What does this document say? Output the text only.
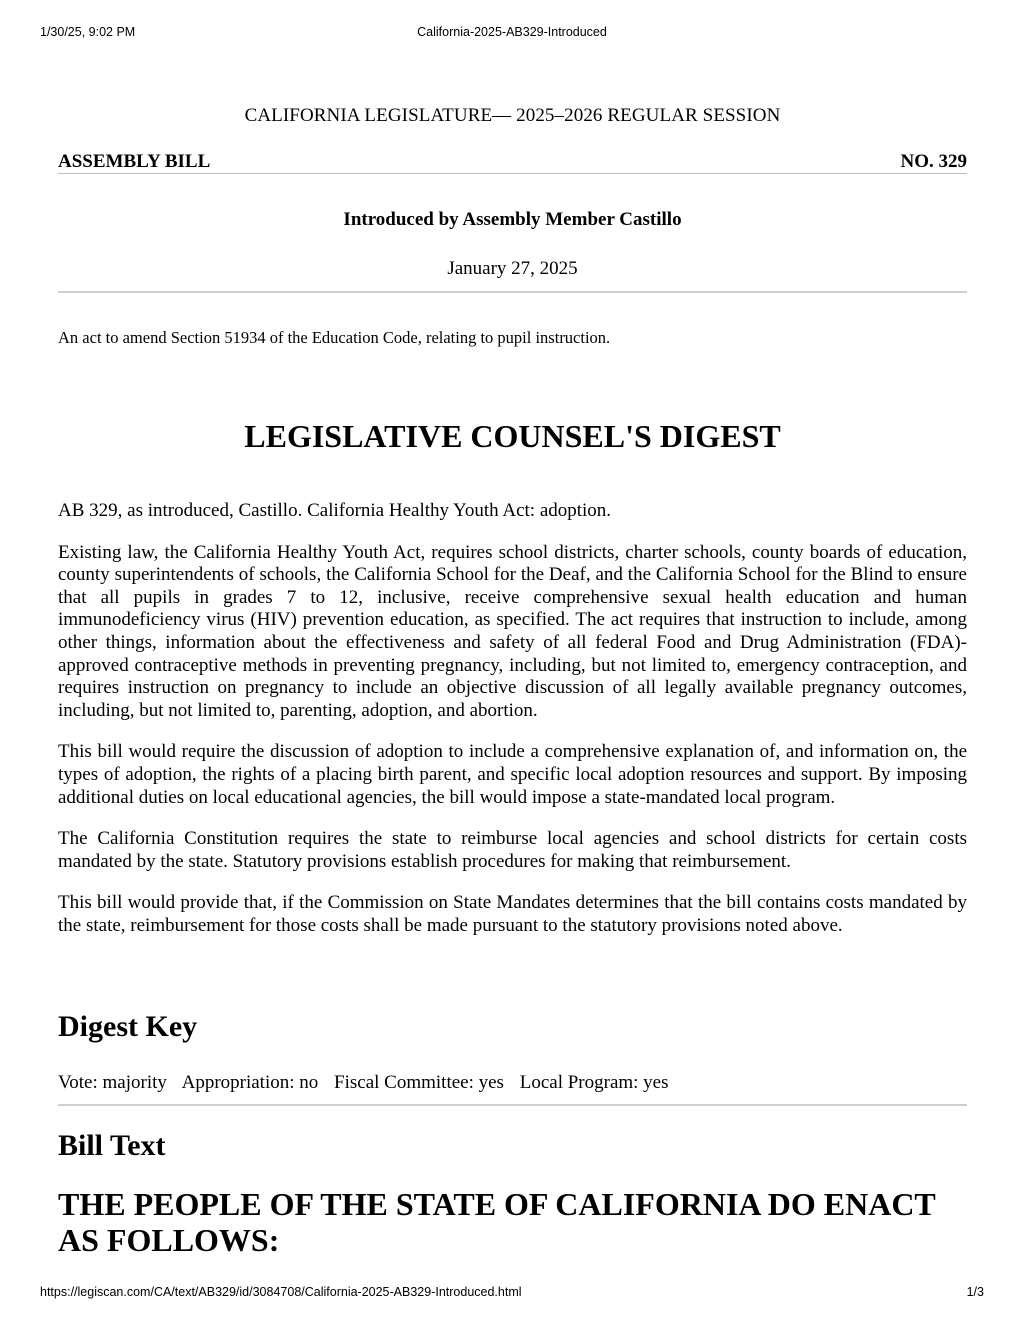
1/30/25, 9:02 PM	California-2025-AB329-Introduced
CALIFORNIA LEGISLATURE— 2025–2026 REGULAR SESSION
ASSEMBLY BILL	NO. 329
Introduced by Assembly Member Castillo
January 27, 2025
An act to amend Section 51934 of the Education Code, relating to pupil instruction.
LEGISLATIVE COUNSEL'S DIGEST

AB 329, as introduced, Castillo. California Healthy Youth Act: adoption.

Existing law, the California Healthy Youth Act, requires school districts, charter schools, county boards of education, county superintendents of schools, the California School for the Deaf, and the California School for the Blind to ensure that all pupils in grades 7 to 12, inclusive, receive comprehensive sexual health education and human immunodeficiency virus (HIV) prevention education, as specified. The act requires that instruction to include, among other things, information about the effectiveness and safety of all federal Food and Drug Administration (FDA)-approved contraceptive methods in preventing pregnancy, including, but not limited to, emergency contraception, and requires instruction on pregnancy to include an objective discussion of all legally available pregnancy outcomes, including, but not limited to, parenting, adoption, and abortion.

This bill would require the discussion of adoption to include a comprehensive explanation of, and information on, the types of adoption, the rights of a placing birth parent, and specific local adoption resources and support. By imposing additional duties on local educational agencies, the bill would impose a state-mandated local program.

The California Constitution requires the state to reimburse local agencies and school districts for certain costs mandated by the state. Statutory provisions establish procedures for making that reimbursement.

This bill would provide that, if the Commission on State Mandates determines that the bill contains costs mandated by the state, reimbursement for those costs shall be made pursuant to the statutory provisions noted above.

Digest Key
Vote: majority Appropriation: no Fiscal Committee: yes Local Program: yes
Bill Text
THE PEOPLE OF THE STATE OF CALIFORNIA DO ENACT AS FOLLOWS:
https://legiscan.com/CA/text/AB329/id/3084708/California-2025-AB329-Introduced.html	1/3
